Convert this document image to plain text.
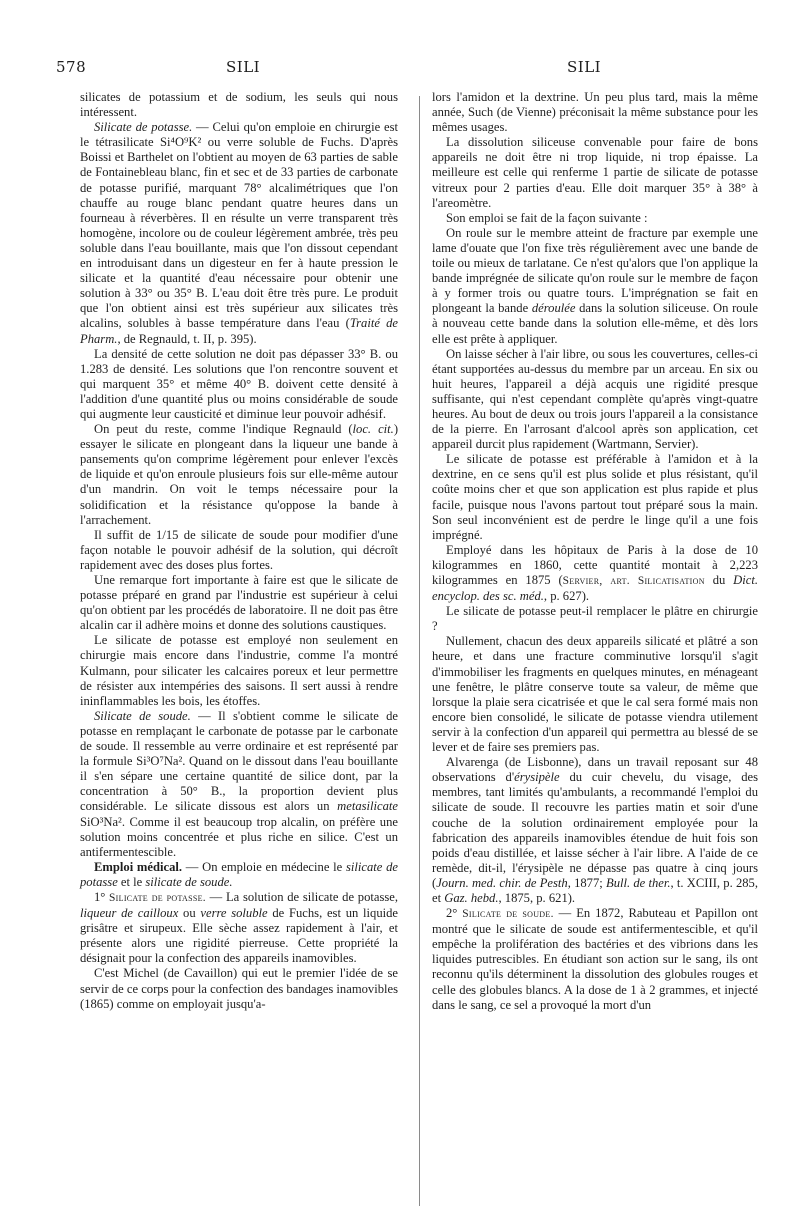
578	SILI	SILI

silicates de potassium et de sodium, les seuls qui nous intéressent.

Silicate de potasse. — Celui qu'on emploie en chirurgie est le tétrasilicate Si⁴O⁹K² ou verre soluble de Fuchs. D'après Boissi et Barthelet on l'obtient au moyen de 63 parties de sable de Fontainebleau blanc, fin et sec et de 33 parties de carbonate de potasse purifié, marquant 78° alcalimétriques que l'on chauffe au rouge blanc pendant quatre heures dans un fourneau à réverbères. Il en résulte un verre transparent très homogène, incolore ou de couleur légèrement ambrée, très peu soluble dans l'eau bouillante, mais que l'on dissout cependant en introduisant dans un digesteur en fer à haute pression le silicate et la quantité d'eau nécessaire pour obtenir une solution à 33° ou 35° B. L'eau doit être très pure. Le produit que l'on obtient ainsi est très supérieur aux silicates très alcalins, solubles à basse température dans l'eau (Traité de Pharm., de Regnauld, t. II, p. 395).

La densité de cette solution ne doit pas dépasser 33° B. ou 1.283 de densité. Les solutions que l'on rencontre souvent et qui marquent 35° et même 40° B. doivent cette densité à l'addition d'une quantité plus ou moins considérable de soude qui augmente leur causticité et diminue leur pouvoir adhésif.

On peut du reste, comme l'indique Regnauld (loc. cit.) essayer le silicate en plongeant dans la liqueur une bande à pansements qu'on comprime légèrement pour enlever l'excès de liquide et qu'on enroule plusieurs fois sur elle-même autour d'un mandrin. On voit le temps nécessaire pour la solidification et la résistance qu'oppose la bande à l'arrachement.

Il suffit de 1/15 de silicate de soude pour modifier d'une façon notable le pouvoir adhésif de la solution, qui décroît rapidement avec des doses plus fortes.

Une remarque fort importante à faire est que le silicate de potasse préparé en grand par l'industrie est supérieur à celui qu'on obtient par les procédés de laboratoire. Il ne doit pas être alcalin car il adhère moins et donne des solutions caustiques.

Le silicate de potasse est employé non seulement en chirurgie mais encore dans l'industrie, comme l'a montré Kulmann, pour silicater les calcaires poreux et leur permettre de résister aux intempéries des saisons. Il sert aussi à rendre ininflammables les bois, les étoffes.

Silicate de soude. — Il s'obtient comme le silicate de potasse en remplaçant le carbonate de potasse par le carbonate de soude. Il ressemble au verre ordinaire et est représenté par la formule Si³O⁷Na². Quand on le dissout dans l'eau bouillante il s'en sépare une certaine quantité de silice dont, par la concentration à 50° B., la proportion devient plus considérable. Le silicate dissous est alors un metasilicate SiO³Na². Comme il est beaucoup trop alcalin, on préfère une solution moins concentrée et plus riche en silice. C'est un antifermentescible.

Emploi médical. — On emploie en médecine le silicate de potasse et le silicate de soude.

1° Silicate de potasse. — La solution de silicate de potasse, liqueur de cailloux ou verre soluble de Fuchs, est un liquide grisâtre et sirupeux. Elle sèche assez rapidement à l'air, et présente alors une rigidité pierreuse. Cette propriété la désignait pour la confection des appareils inamovibles.

C'est Michel (de Cavaillon) qui eut le premier l'idée de se servir de ce corps pour la confection des bandages inamovibles (1865) comme on employait jusqu'a-

lors l'amidon et la dextrine. Un peu plus tard, mais la même année, Such (de Vienne) préconisait la même substance pour les mêmes usages.

La dissolution siliceuse convenable pour faire de bons appareils ne doit être ni trop liquide, ni trop épaisse. La meilleure est celle qui renferme 1 partie de silicate de potasse vitreux pour 2 parties d'eau. Elle doit marquer 35° à 38° à l'areomètre.

Son emploi se fait de la façon suivante :

On roule sur le membre atteint de fracture par exemple une lame d'ouate que l'on fixe très régulièrement avec une bande de toile ou mieux de tarlatane. Ce n'est qu'alors que l'on applique la bande imprégnée de silicate qu'on roule sur le membre de façon à y former trois ou quatre tours. L'imprégnation se fait en plongeant la bande déroulée dans la solution siliceuse. On roule à nouveau cette bande dans la solution elle-même, et dès lors elle est prête à appliquer.

On laisse sécher à l'air libre, ou sous les couvertures, celles-ci étant supportées au-dessus du membre par un arceau. En six ou huit heures, l'appareil a déjà acquis une rigidité presque suffisante, qui n'est cependant complète qu'après vingt-quatre heures. Au bout de deux ou trois jours l'appareil a la consistance de la pierre. En l'arrosant d'alcool après son application, cet appareil durcit plus rapidement (Wartmann, Servier).

Le silicate de potasse est préférable à l'amidon et à la dextrine, en ce sens qu'il est plus solide et plus résistant, qu'il coûte moins cher et que son application est plus rapide et plus facile, puisque nous l'avons partout tout préparé sous la main. Son seul inconvénient est de perdre le linge qu'il a une fois imprégné.

Employé dans les hôpitaux de Paris à la dose de 10 kilogrammes en 1860, cette quantité montait à 2,223 kilogrammes en 1875 (Servier, art. Silicatisation du Dict. encyclop. des sc. méd., p. 627).

Le silicate de potasse peut-il remplacer le plâtre en chirurgie ?

Nullement, chacun des deux appareils silicaté et plâtré a son heure, et dans une fracture comminutive lorsqu'il s'agit d'immobiliser les fragments en quelques minutes, en ménageant une fenêtre, le plâtre conserve toute sa valeur, de même que lorsque la plaie sera cicatrisée et que le cal sera formé mais non encore bien consolidé, le silicate de potasse viendra utilement servir à la confection d'un appareil qui permettra au blessé de se lever et de faire ses premiers pas.

Alvarenga (de Lisbonne), dans un travail reposant sur 48 observations d'érysipèle du cuir chevelu, du visage, des membres, tant limités qu'ambulants, a recommandé l'emploi du silicate de soude. Il recouvre les parties matin et soir d'une couche de la solution ordinairement employée pour la fabrication des appareils inamovibles étendue de huit fois son poids d'eau distillée, et laisse sécher à l'air libre. A l'aide de ce remède, dit-il, l'érysipèle ne dépasse pas quatre à cinq jours (Journ. med. chir. de Pesth, 1877; Bull. de ther., t. XCIII, p. 285, et Gaz. hebd., 1875, p. 621).

2° Silicate de soude. — En 1872, Rabuteau et Papillon ont montré que le silicate de soude est antifermentescible, et qu'il empêche la prolifération des bactéries et des vibrions dans les liquides putrescibles. En étudiant son action sur le sang, ils ont reconnu qu'ils déterminent la dissolution des globules rouges et celle des globules blancs. A la dose de 1 à 2 grammes, et injecté dans le sang, ce sel a provoqué la mort d'un
